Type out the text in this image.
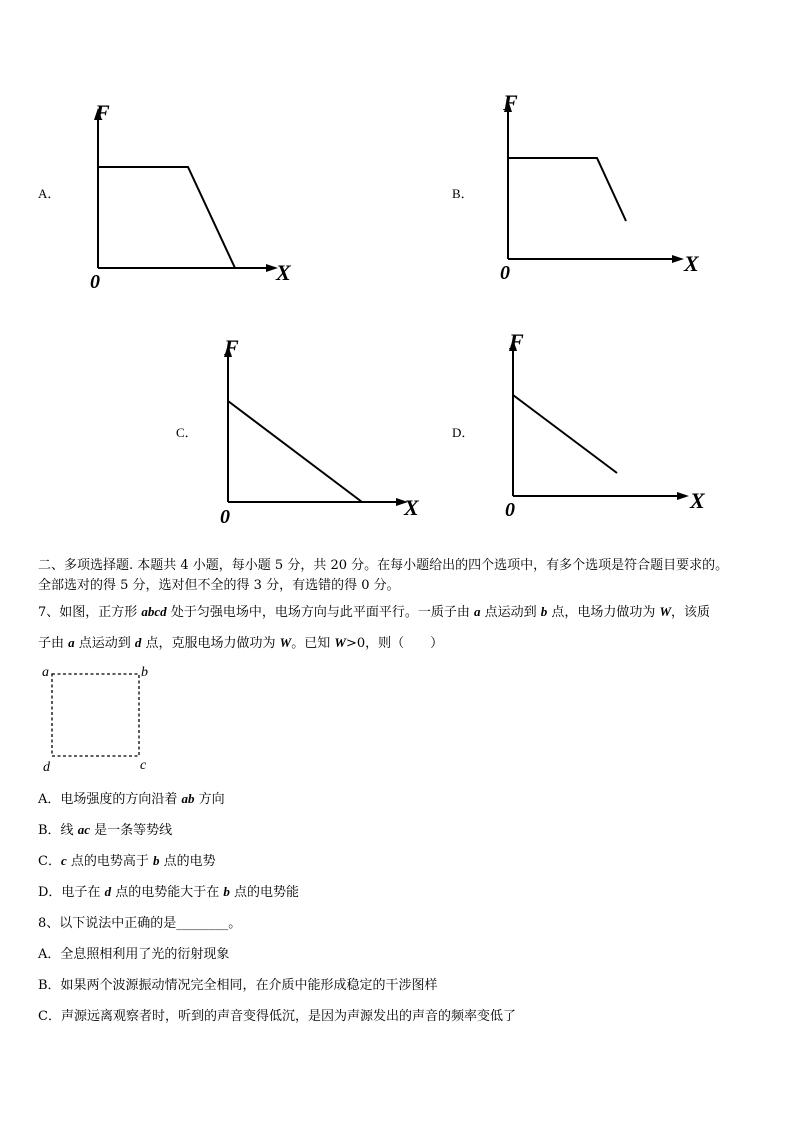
A．
F
X
0
B．
F
X
0
C．
F
X
0
D．
F
X
0
二、多项选择题. 本题共 4 小题，每小题 5 分，共 20 分。在每小题给出的四个选项中，有多个选项是符合题目要求的。
全部选对的得 5 分，选对但不全的得 3 分，有选错的得 0 分。
7、如图，正方形 abcd 处于匀强电场中，电场方向与此平面平行。一质子由 a 点运动到 b 点，电场力做功为 W，该质
子由 a 点运动到 d 点，克服电场力做功为 W。已知 W>0，则（　　）
a	b
c
d
A．电场强度的方向沿着 ab 方向
B．线 ac 是一条等势线
C．c 点的电势高于 b 点的电势
D．电子在 d 点的电势能大于在 b 点的电势能
8、以下说法中正确的是________。
A．全息照相利用了光的衍射现象
B．如果两个波源振动情况完全相同，在介质中能形成稳定的干涉图样
C．声源远离观察者时，听到的声音变得低沉，是因为声源发出的声音的频率变低了
